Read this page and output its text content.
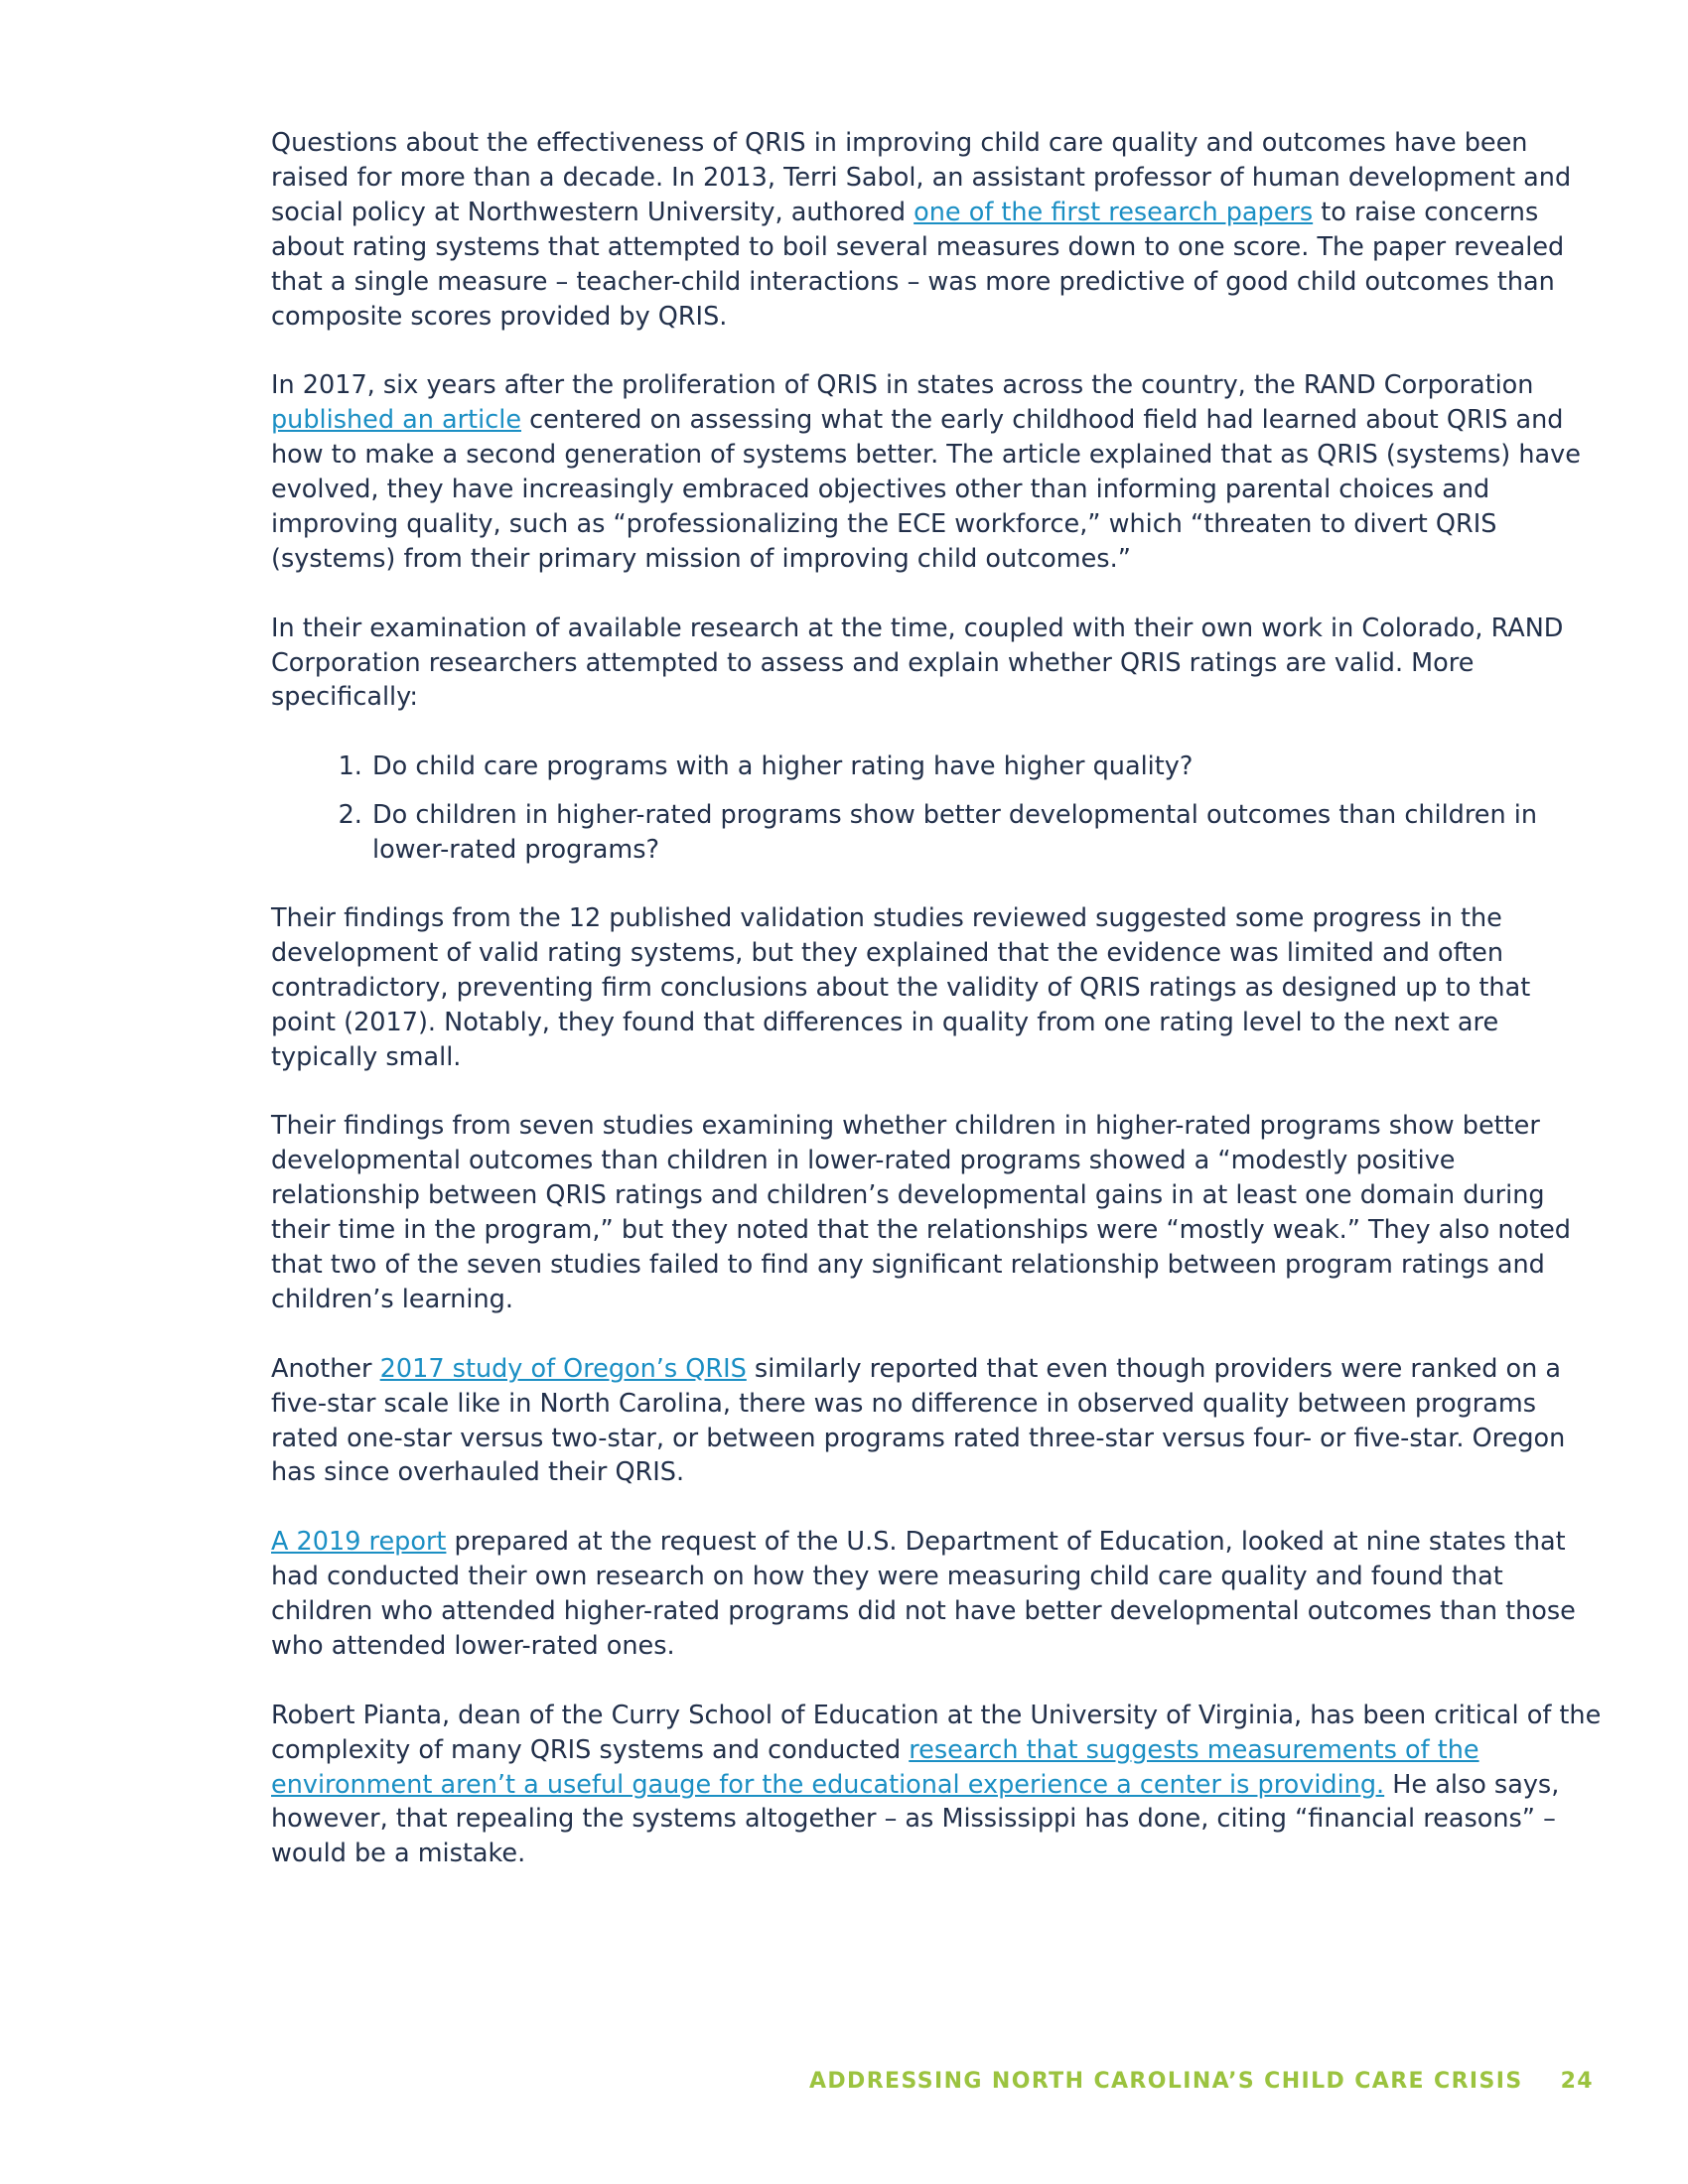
Questions about the effectiveness of QRIS in improving child care quality and outcomes have been raised for more than a decade. In 2013, Terri Sabol, an assistant professor of human development and social policy at Northwestern University, authored one of the first research papers to raise concerns about rating systems that attempted to boil several measures down to one score. The paper revealed that a single measure – teacher-child interactions – was more predictive of good child outcomes than composite scores provided by QRIS.

In 2017, six years after the proliferation of QRIS in states across the country, the RAND Corporation published an article centered on assessing what the early childhood field had learned about QRIS and how to make a second generation of systems better. The article explained that as QRIS (systems) have evolved, they have increasingly embraced objectives other than informing parental choices and improving quality, such as “professionalizing the ECE workforce,” which “threaten to divert QRIS (systems) from their primary mission of improving child outcomes.”

In their examination of available research at the time, coupled with their own work in Colorado, RAND Corporation researchers attempted to assess and explain whether QRIS ratings are valid. More specifically:

1. Do child care programs with a higher rating have higher quality?
2. Do children in higher-rated programs show better developmental outcomes than children in lower-rated programs?

Their findings from the 12 published validation studies reviewed suggested some progress in the development of valid rating systems, but they explained that the evidence was limited and often contradictory, preventing firm conclusions about the validity of QRIS ratings as designed up to that point (2017). Notably, they found that differences in quality from one rating level to the next are typically small.

Their findings from seven studies examining whether children in higher-rated programs show better developmental outcomes than children in lower-rated programs showed a “modestly positive relationship between QRIS ratings and children’s developmental gains in at least one domain during their time in the program,” but they noted that the relationships were “mostly weak.” They also noted that two of the seven studies failed to find any significant relationship between program ratings and children’s learning.

Another 2017 study of Oregon’s QRIS similarly reported that even though providers were ranked on a five-star scale like in North Carolina, there was no difference in observed quality between programs rated one-star versus two-star, or between programs rated three-star versus four- or five-star. Oregon has since overhauled their QRIS.

A 2019 report prepared at the request of the U.S. Department of Education, looked at nine states that had conducted their own research on how they were measuring child care quality and found that children who attended higher-rated programs did not have better developmental outcomes than those who attended lower-rated ones.

Robert Pianta, dean of the Curry School of Education at the University of Virginia, has been critical of the complexity of many QRIS systems and conducted research that suggests measurements of the environment aren’t a useful gauge for the educational experience a center is providing. He also says, however, that repealing the systems altogether – as Mississippi has done, citing “financial reasons” – would be a mistake.

ADDRESSING NORTH CAROLINA’S CHILD CARE CRISIS 24
